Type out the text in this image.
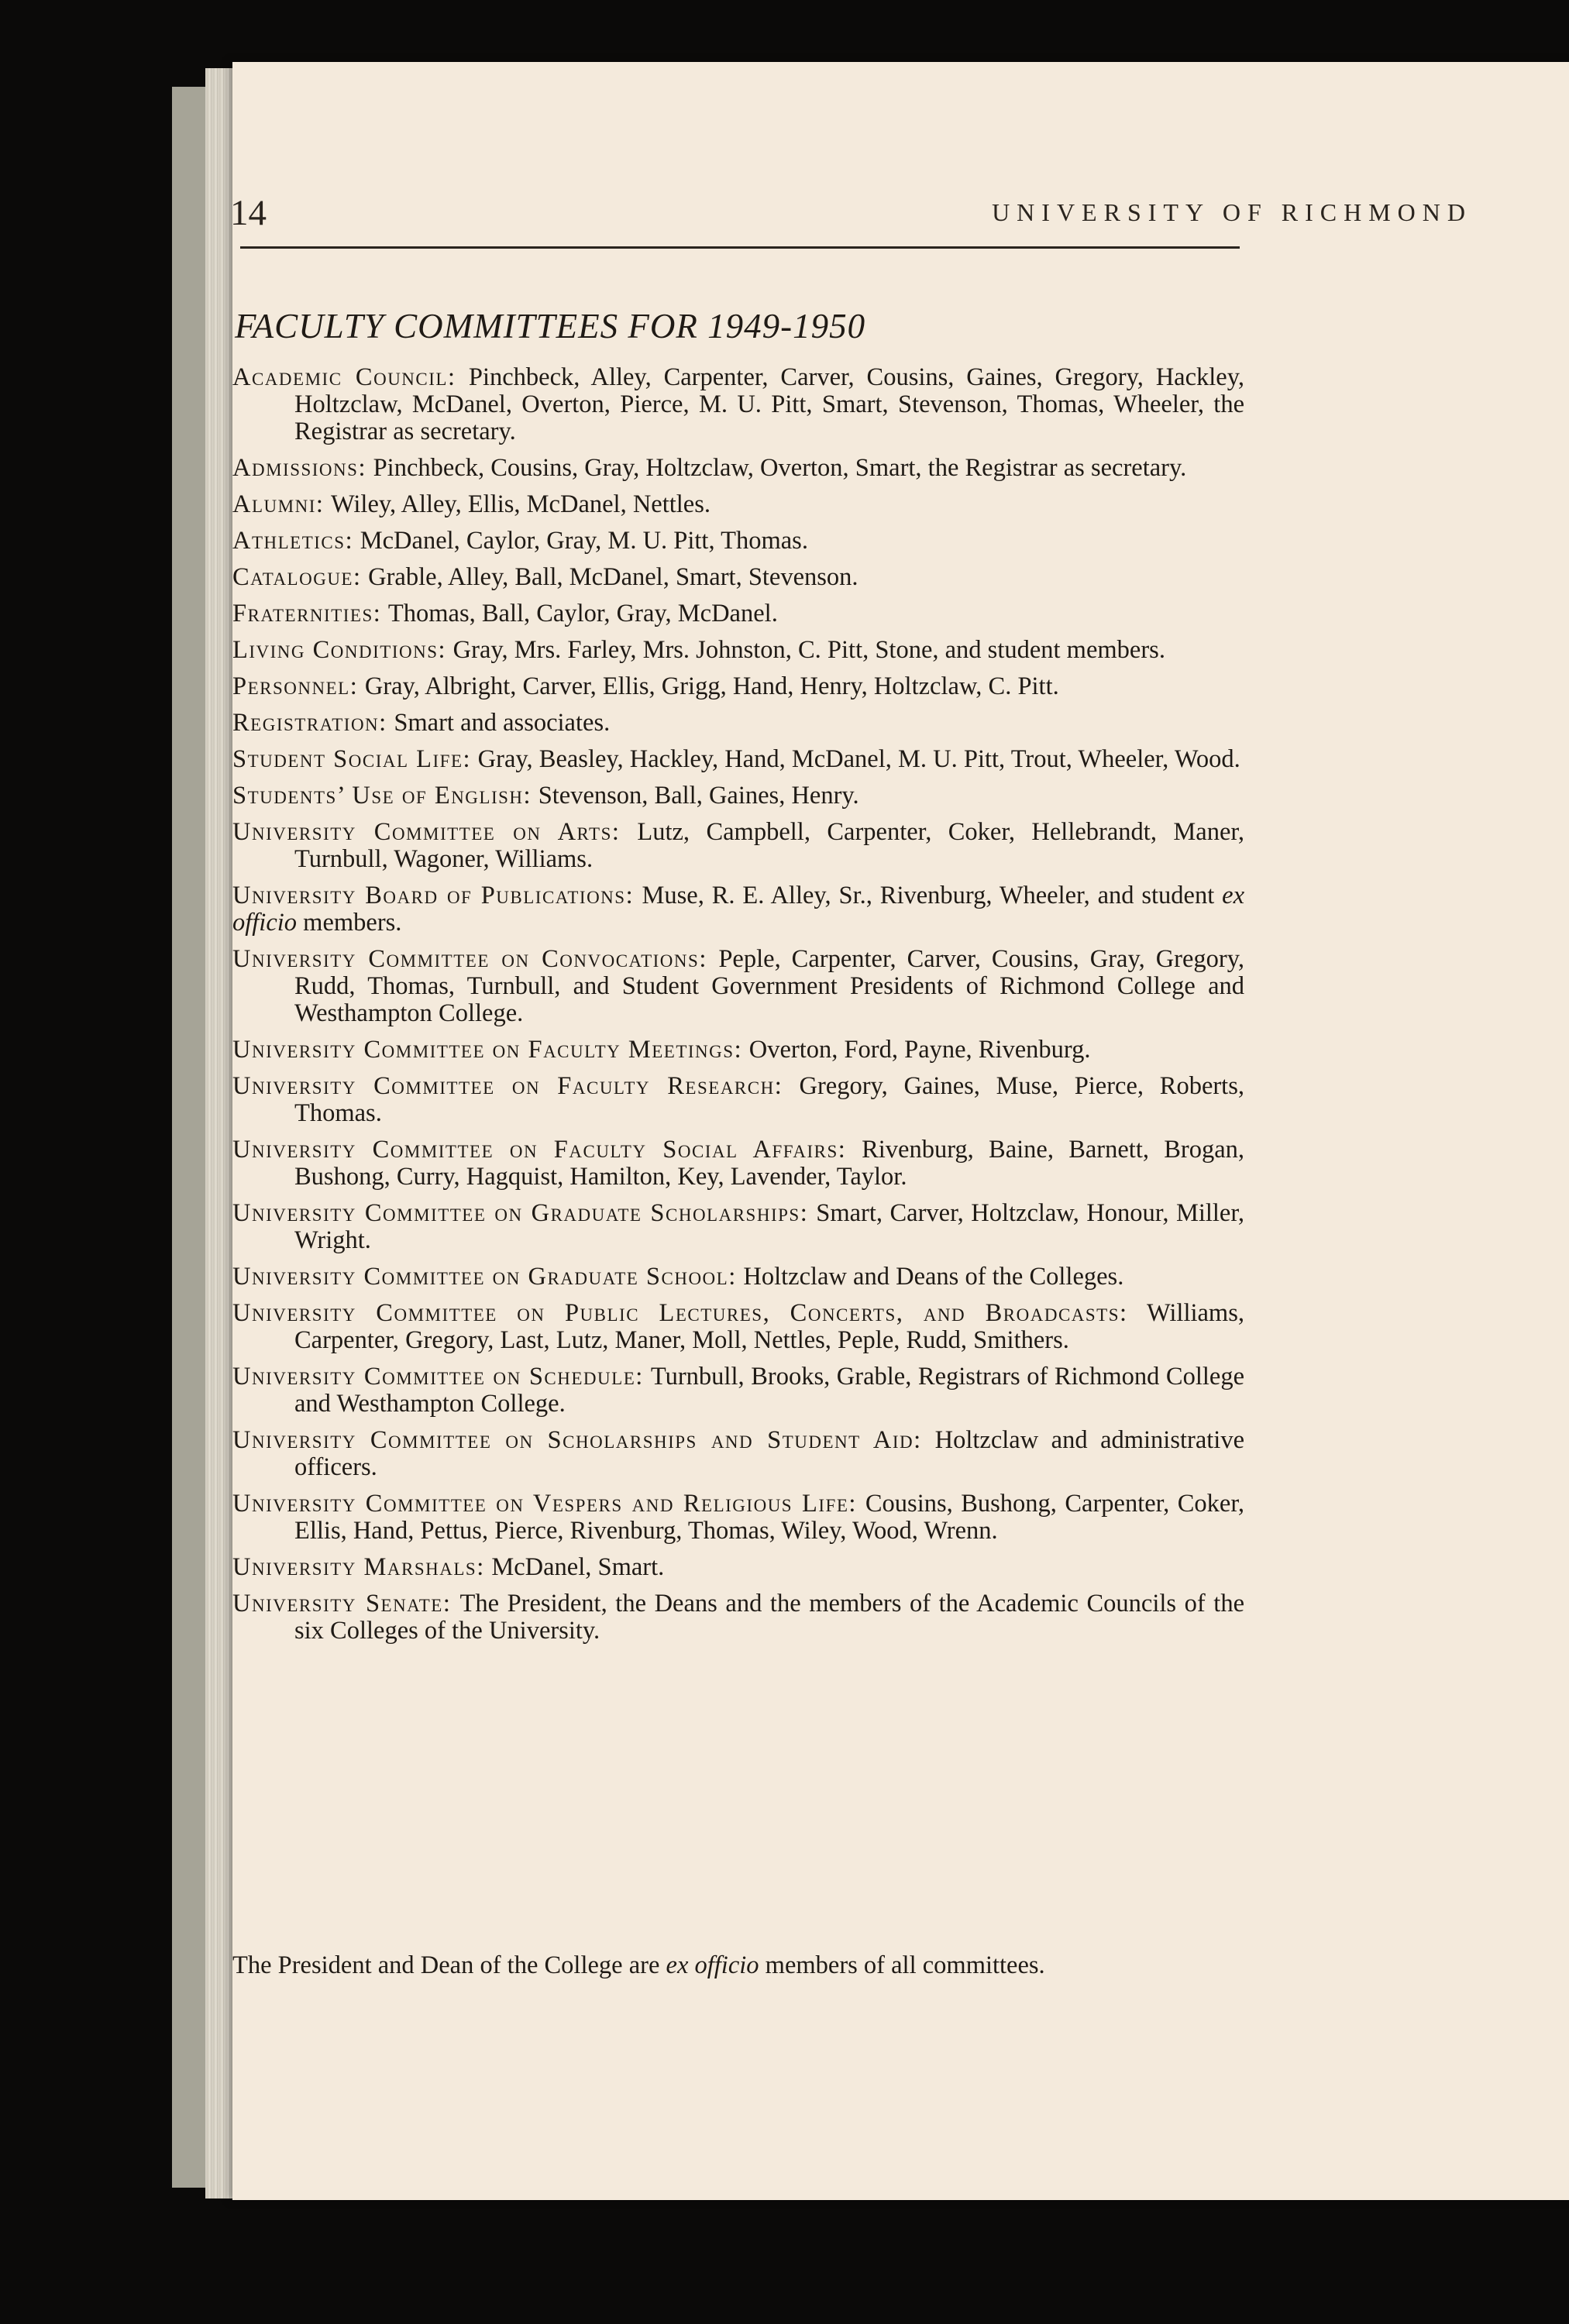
14	UNIVERSITY OF RICHMOND
FACULTY COMMITTEES FOR 1949-1950
Academic Council: Pinchbeck, Alley, Carpenter, Carver, Cousins, Gaines, Gregory, Hackley, Holtzclaw, McDanel, Overton, Pierce, M. U. Pitt, Smart, Stevenson, Thomas, Wheeler, the Registrar as secretary.
Admissions: Pinchbeck, Cousins, Gray, Holtzclaw, Overton, Smart, the Registrar as secretary.
Alumni: Wiley, Alley, Ellis, McDanel, Nettles.
Athletics: McDanel, Caylor, Gray, M. U. Pitt, Thomas.
Catalogue: Grable, Alley, Ball, McDanel, Smart, Stevenson.
Fraternities: Thomas, Ball, Caylor, Gray, McDanel.
Living Conditions: Gray, Mrs. Farley, Mrs. Johnston, C. Pitt, Stone, and student members.
Personnel: Gray, Albright, Carver, Ellis, Grigg, Hand, Henry, Holtzclaw, C. Pitt.
Registration: Smart and associates.
Student Social Life: Gray, Beasley, Hackley, Hand, McDanel, M. U. Pitt, Trout, Wheeler, Wood.
Students’ Use of English: Stevenson, Ball, Gaines, Henry.
University Committee on Arts: Lutz, Campbell, Carpenter, Coker, Hellebrandt, Maner, Turnbull, Wagoner, Williams.
University Board of Publications: Muse, R. E. Alley, Sr., Rivenburg, Wheeler, and student ex officio members.
University Committee on Convocations: Peple, Carpenter, Carver, Cousins, Gray, Gregory, Rudd, Thomas, Turnbull, and Student Government Presidents of Richmond College and Westhampton College.
University Committee on Faculty Meetings: Overton, Ford, Payne, Rivenburg.
University Committee on Faculty Research: Gregory, Gaines, Muse, Pierce, Roberts, Thomas.
University Committee on Faculty Social Affairs: Rivenburg, Baine, Barnett, Brogan, Bushong, Curry, Hagquist, Hamilton, Key, Lavender, Taylor.
University Committee on Graduate Scholarships: Smart, Carver, Holtzclaw, Honour, Miller, Wright.
University Committee on Graduate School: Holtzclaw and Deans of the Colleges.
University Committee on Public Lectures, Concerts, and Broadcasts: Williams, Carpenter, Gregory, Last, Lutz, Maner, Moll, Nettles, Peple, Rudd, Smithers.
University Committee on Schedule: Turnbull, Brooks, Grable, Registrars of Richmond College and Westhampton College.
University Committee on Scholarships and Student Aid: Holtzclaw and administrative officers.
University Committee on Vespers and Religious Life: Cousins, Bushong, Carpenter, Coker, Ellis, Hand, Pettus, Pierce, Rivenburg, Thomas, Wiley, Wood, Wrenn.
University Marshals: McDanel, Smart.
University Senate: The President, the Deans and the members of the Academic Councils of the six Colleges of the University.
The President and Dean of the College are ex officio members of all committees.
